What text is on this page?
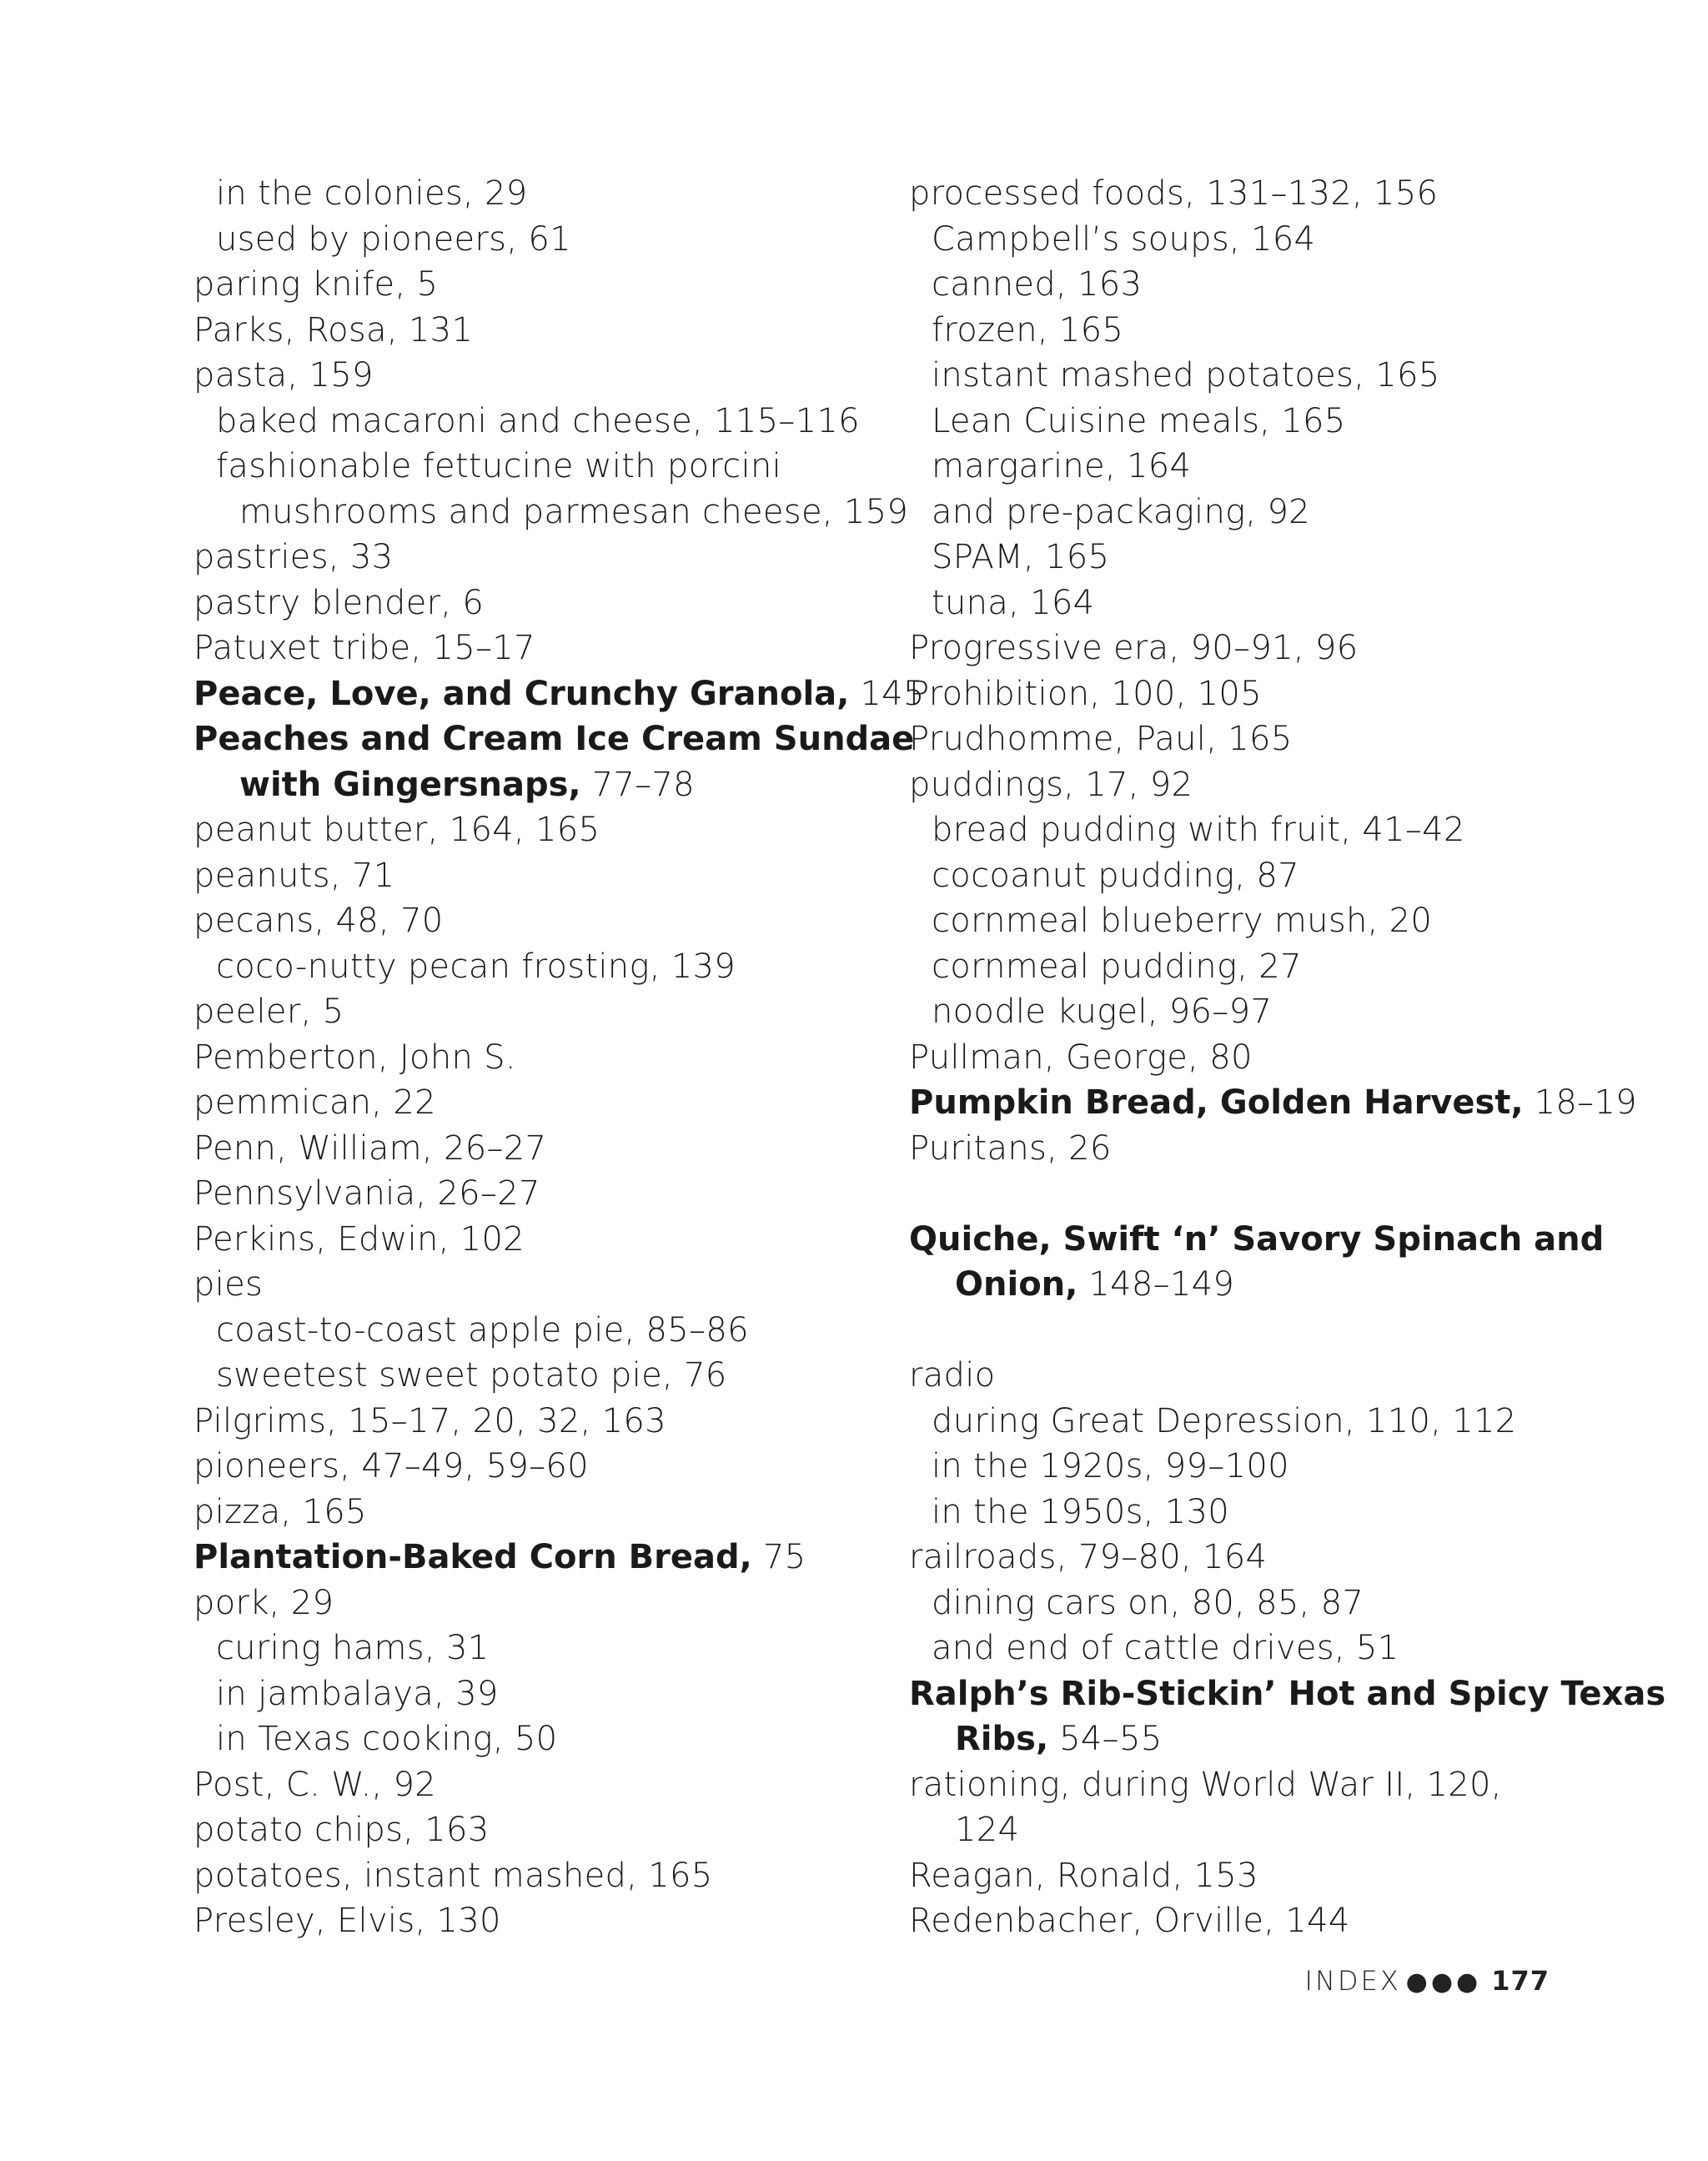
in the colonies, 29
used by pioneers, 61
paring knife, 5
Parks, Rosa, 131
pasta, 159
baked macaroni and cheese, 115–116
fashionable fettucine with porcini
mushrooms and parmesan cheese, 159
pastries, 33
pastry blender, 6
Patuxet tribe, 15–17
Peace, Love, and Crunchy Granola, 145
Peaches and Cream Ice Cream Sundae
with Gingersnaps, 77–78
peanut butter, 164, 165
peanuts, 71
pecans, 48, 70
coco-nutty pecan frosting, 139
peeler, 5
Pemberton, John S.
pemmican, 22
Penn, William, 26–27
Pennsylvania, 26–27
Perkins, Edwin, 102
pies
coast-to-coast apple pie, 85–86
sweetest sweet potato pie, 76
Pilgrims, 15–17, 20, 32, 163
pioneers, 47–49, 59–60
pizza, 165
Plantation-Baked Corn Bread, 75
pork, 29
curing hams, 31
in jambalaya, 39
in Texas cooking, 50
Post, C. W., 92
potato chips, 163
potatoes, instant mashed, 165
Presley, Elvis, 130
processed foods, 131–132, 156
Campbell’s soups, 164
canned, 163
frozen, 165
instant mashed potatoes, 165
Lean Cuisine meals, 165
margarine, 164
and pre-packaging, 92
SPAM, 165
tuna, 164
Progressive era, 90–91, 96
Prohibition, 100, 105
Prudhomme, Paul, 165
puddings, 17, 92
bread pudding with fruit, 41–42
cocoanut pudding, 87
cornmeal blueberry mush, 20
cornmeal pudding, 27
noodle kugel, 96–97
Pullman, George, 80
Pumpkin Bread, Golden Harvest, 18–19
Puritans, 26
Quiche, Swift ‘n’ Savory Spinach and
Onion, 148–149
radio
during Great Depression, 110, 112
in the 1920s, 99–100
in the 1950s, 130
railroads, 79–80, 164
dining cars on, 80, 85, 87
and end of cattle drives, 51
Ralph’s Rib-Stickin’ Hot and Spicy Texas
Ribs, 54–55
rationing, during World War II, 120,
124
Reagan, Ronald, 153
Redenbacher, Orville, 144
INDEX ●●● 177
